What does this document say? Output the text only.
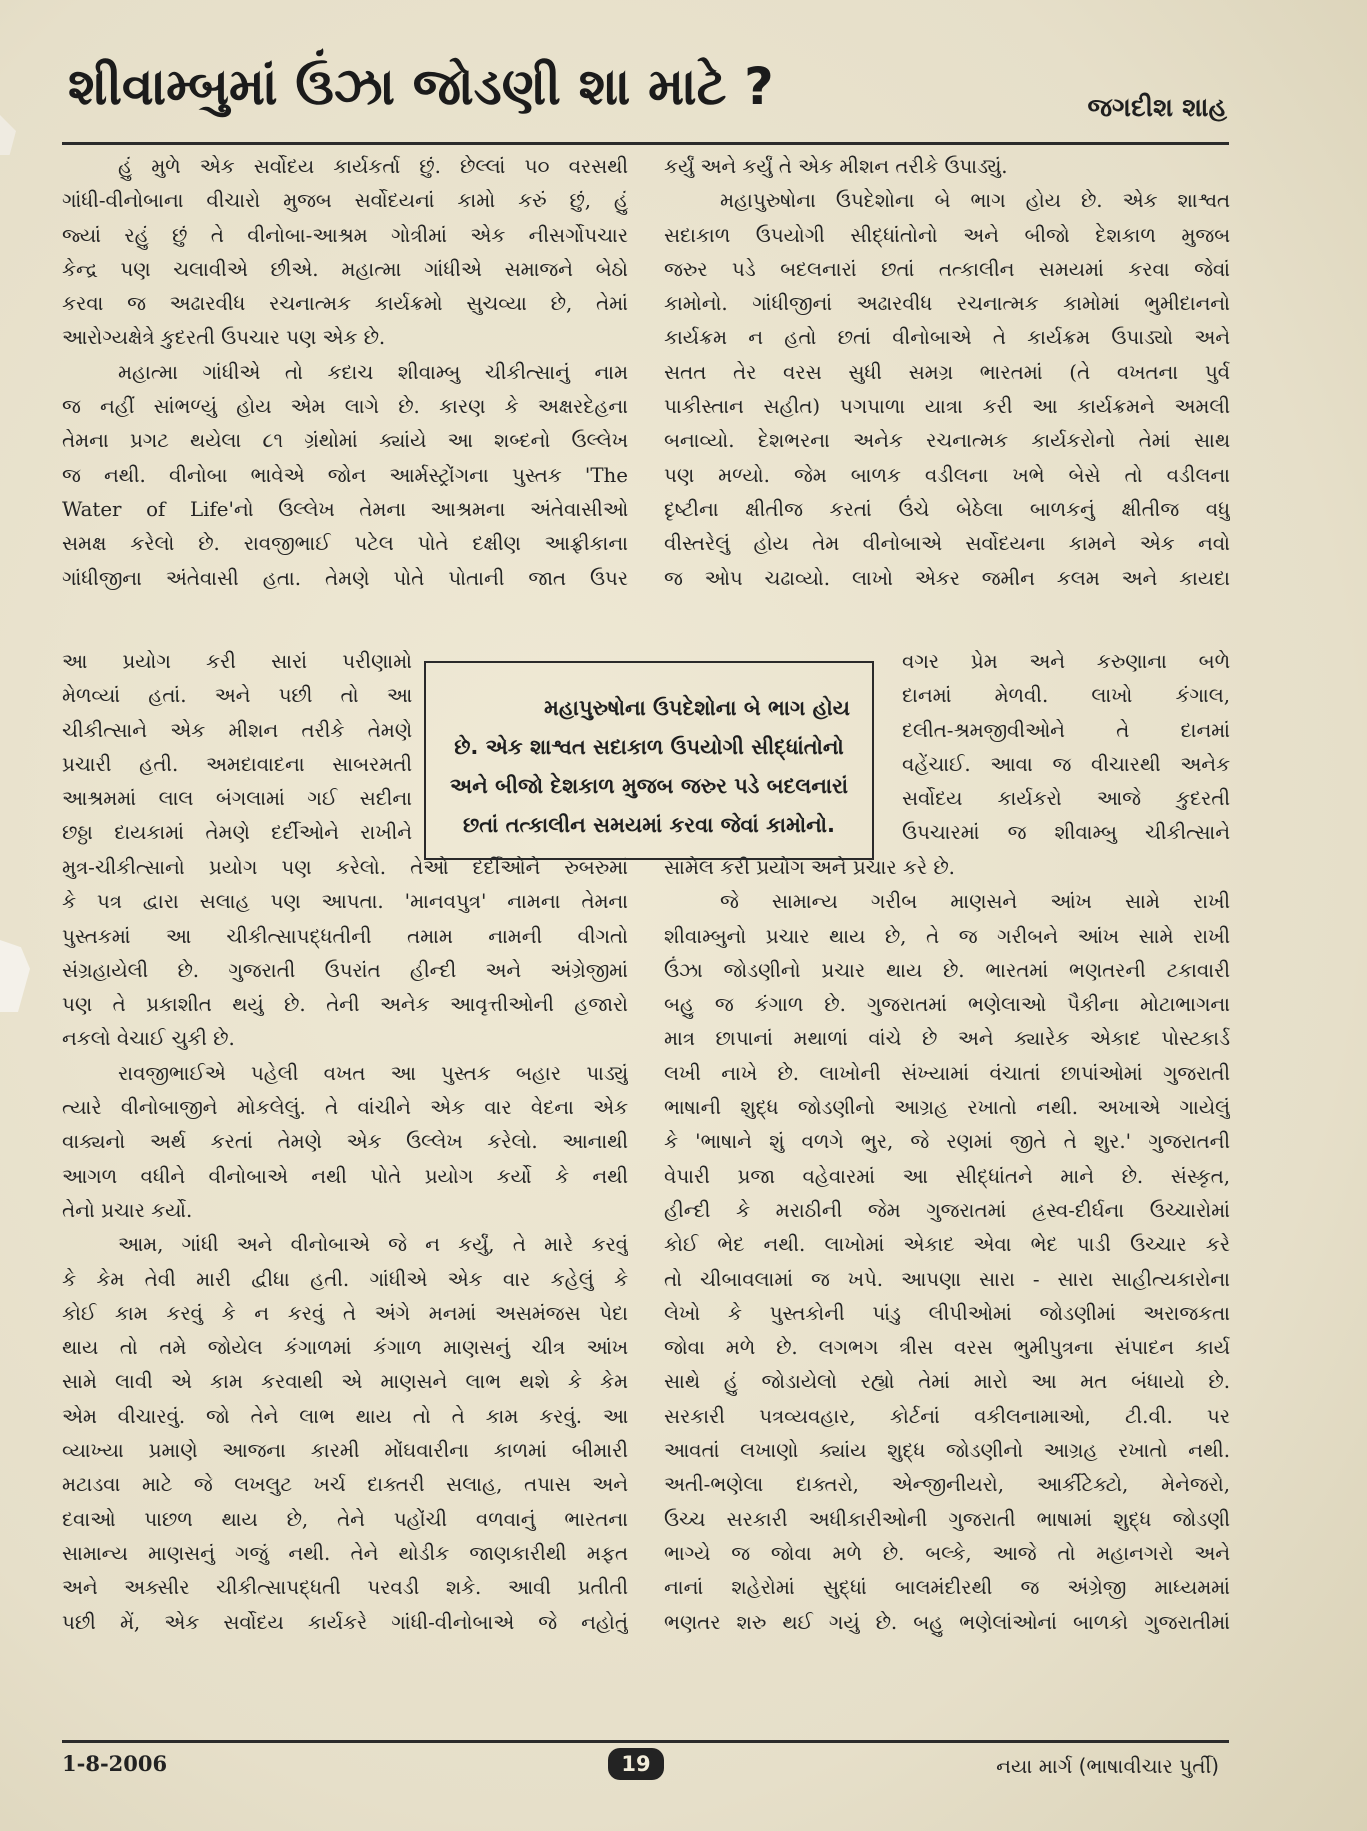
શીવામ્બુમાં ઉંઝા જોડણી શા માટે ?	જગદીશ શાહ
હું મુળે એક સર્વોદય કાર્યકર્તા છું. છેલ્લાં ૫૦ વરસથી
ગાંધી-વીનોબાના વીચારો મુજબ સર્વોદયનાં કામો કરું છું, હું
જ્યાં રહું છું તે વીનોબા-આશ્રમ ગોત્રીમાં એક નીસર્ગોપચાર
કેન્દ્ર પણ ચલાવીએ છીએ. મહાત્મા ગાંધીએ સમાજને બેઠો
કરવા જ અઢારવીધ રચનાત્મક કાર્યક્રમો સુચવ્યા છે, તેમાં
આરોગ્યક્ષેત્રે કુદરતી ઉપચાર પણ એક છે.
મહાત્મા ગાંધીએ તો કદાચ શીવામ્બુ ચીકીત્સાનું નામ
જ નહીં સાંભળ્યું હોય એમ લાગે છે. કારણ કે અક્ષરદેહના
તેમના પ્રગટ થયેલા ૮૧ ગ્રંથોમાં ક્યાંયે આ શબ્દનો ઉલ્લેખ
જ નથી. વીનોબા ભાવેએ જોન આર્મસ્ટ્રોંગના પુસ્તક 'The
Water of Life'નો ઉલ્લેખ તેમના આશ્રમના અંતેવાસીઓ
સમક્ષ કરેલો છે. રાવજીભાઈ પટેલ પોતે દક્ષીણ આફ્રીકાના
ગાંધીજીના અંતેવાસી હતા. તેમણે પોતે પોતાની જાત ઉપર
આ પ્રયોગ કરી સારાં પરીણામો
મેળવ્યાં હતાં. અને પછી તો આ
ચીકીત્સાને એક મીશન તરીકે તેમણે
પ્રચારી હતી. અમદાવાદના સાબરમતી
આશ્રમમાં લાલ બંગલામાં ગઈ સદીના
છઠ્ઠા દાયકામાં તેમણે દર્દીઓને રાખીને
મુત્ર-ચીકીત્સાનો પ્રયોગ પણ કરેલો. તેઓ દર્દીઓને રુબરુમાં
કે પત્ર દ્વારા સલાહ પણ આપતા. 'માનવપુત્ર' નામના તેમના
પુસ્તકમાં આ ચીકીત્સાપદ્ધતીની તમામ નામની વીગતો
સંગ્રહાયેલી છે. ગુજરાતી ઉપરાંત હીન્દી અને અંગ્રેજીમાં
પણ તે પ્રકાશીત થયું છે. તેની અનેક આવૃત્તીઓની હજારો
નકલો વેચાઈ ચુકી છે.
રાવજીભાઈએ પહેલી વખત આ પુસ્તક બહાર પાડ્યું
ત્યારે વીનોબાજીને મોકલેલું. તે વાંચીને એક વાર વેદના એક
વાક્યનો અર્થ કરતાં તેમણે એક ઉલ્લેખ કરેલો. આનાથી
આગળ વધીને વીનોબાએ નથી પોતે પ્રયોગ કર્યો કે નથી
તેનો પ્રચાર કર્યો.
આમ, ગાંધી અને વીનોબાએ જે ન કર્યું, તે મારે કરવું
કે કેમ તેવી મારી દ્વીધા હતી. ગાંધીએ એક વાર કહેલું કે
કોઈ કામ કરવું કે ન કરવું તે અંગે મનમાં અસમંજસ પેદા
થાય તો તમે જોયેલ કંગાળમાં કંગાળ માણસનું ચીત્ર આંખ
સામે લાવી એ કામ કરવાથી એ માણસને લાભ થશે કે કેમ
એમ વીચારવું. જો તેને લાભ થાય તો તે કામ કરવું. આ
વ્યાખ્યા પ્રમાણે આજના કારમી મોંઘવારીના કાળમાં બીમારી
મટાડવા માટે જે લખલુટ ખર્ચ દાક્તરી સલાહ, તપાસ અને
દવાઓ પાછળ થાય છે, તેને પહોંચી વળવાનું ભારતના
સામાન્ય માણસનું ગજું નથી. તેને થોડીક જાણકારીથી મફત
અને અક્સીર ચીકીત્સાપદ્ધતી પરવડી શકે. આવી પ્રતીતી
પછી મેં, એક સર્વોદય કાર્યકરે ગાંધી-વીનોબાએ જે નહોતું
કર્યું અને કર્યું તે એક મીશન તરીકે ઉપાડ્યું.
મહાપુરુષોના ઉપદેશોના બે ભાગ હોય છે. એક શાશ્વત
સદાકાળ ઉપયોગી સીદ્ધાંતોનો અને બીજો દેશકાળ મુજબ
જરુર પડે બદલનારાં છતાં તત્કાલીન સમયમાં કરવા જેવાં
કામોનો. ગાંધીજીનાં અઢારવીધ રચનાત્મક કામોમાં ભુમીદાનનો
કાર્યક્રમ ન હતો છતાં વીનોબાએ તે કાર્યક્રમ ઉપાડ્યો અને
સતત તેર વરસ સુધી સમગ્ર ભારતમાં (તે વખતના પુર્વ
પાકીસ્તાન સહીત) પગપાળા યાત્રા કરી આ કાર્યક્રમને અમલી
બનાવ્યો. દેશભરના અનેક રચનાત્મક કાર્યકરોનો તેમાં સાથ
પણ મળ્યો. જેમ બાળક વડીલના ખભે બેસે તો વડીલના
દૃષ્ટીના ક્ષીતીજ કરતાં ઉંચે બેઠેલા બાળકનું ક્ષીતીજ વધુ
વીસ્તરેલું હોય તેમ વીનોબાએ સર્વોદયના કામને એક નવો
જ ઓપ ચઢાવ્યો. લાખો એકર જમીન કલમ અને કાયદા
વગર પ્રેમ અને કરુણાના બળે
દાનમાં મેળવી. લાખો કંગાલ,
દલીત-શ્રમજીવીઓને તે દાનમાં
વહેંચાઈ. આવા જ વીચારથી અનેક
સર્વોદય કાર્યકરો આજે કુદરતી
ઉપચારમાં જ શીવામ્બુ ચીકીત્સાને
સામેલ કરી પ્રયોગ અને પ્રચાર કરે છે.
જે સામાન્ય ગરીબ માણસને આંખ સામે રાખી
શીવામ્બુનો પ્રચાર થાય છે, તે જ ગરીબને આંખ સામે રાખી
ઉંઝા જોડણીનો પ્રચાર થાય છે. ભારતમાં ભણતરની ટકાવારી
બહુ જ કંગાળ છે. ગુજરાતમાં ભણેલાઓ પૈકીના મોટાભાગના
માત્ર છાપાનાં મથાળાં વાંચે છે અને ક્યારેક એકાદ પોસ્ટકાર્ડ
લખી નાખે છે. લાખોની સંખ્યામાં વંચાતાં છાપાંઓમાં ગુજરાતી
ભાષાની શુદ્ધ જોડણીનો આગ્રહ રખાતો નથી. અખાએ ગાયેલું
કે 'ભાષાને શું વળગે ભુર, જે રણમાં જીતે તે શુર.' ગુજરાતની
વેપારી પ્રજા વહેવારમાં આ સીદ્ધાંતને માને છે. સંસ્કૃત,
હીન્દી કે મરાઠીની જેમ ગુજરાતમાં હ્રસ્વ-દીર્ઘના ઉચ્ચારોમાં
કોઈ ભેદ નથી. લાખોમાં એકાદ એવા ભેદ પાડી ઉચ્ચાર કરે
તો ચીબાવલામાં જ ખપે. આપણા સારા - સારા સાહીત્યકારોના
લેખો કે પુસ્તકોની પાંડુ લીપીઓમાં જોડણીમાં અરાજકતા
જોવા મળે છે. લગભગ ત્રીસ વરસ ભુમીપુત્રના સંપાદન કાર્ય
સાથે હું જોડાયેલો રહ્યો તેમાં મારો આ મત બંધાયો છે.
સરકારી પત્રવ્યવહાર, કોર્ટનાં વકીલનામાઓ, ટી.વી. પર
આવતાં લખાણો ક્યાંય શુદ્ધ જોડણીનો આગ્રહ રખાતો નથી.
અતી-ભણેલા દાક્તરો, એન્જીનીયરો, આર્કીટેક્ટો, મેનેજરો,
ઉચ્ચ સરકારી અધીકારીઓની ગુજરાતી ભાષામાં શુદ્ધ જોડણી
ભાગ્યે જ જોવા મળે છે. બલ્કે, આજે તો મહાનગરો અને
નાનાં શહેરોમાં સુદ્ધાં બાલમંદીરથી જ અંગ્રેજી માધ્યમમાં
ભણતર શરુ થઈ ગયું છે. બહુ ભણેલાંઓનાં બાળકો ગુજરાતીમાં
મહાપુરુષોના ઉપદેશોના બે ભાગ હોય
છે. એક શાશ્વત સદાકાળ ઉપયોગી સીદ્ધાંતોનો
અને બીજો દેશકાળ મુજબ જરુર પડે બદલનારાં
છતાં તત્કાલીન સમયમાં કરવા જેવાં કામોનો.
1-8-2006	19	નયા માર્ગ (ભાષાવીચાર પુર્તી)
